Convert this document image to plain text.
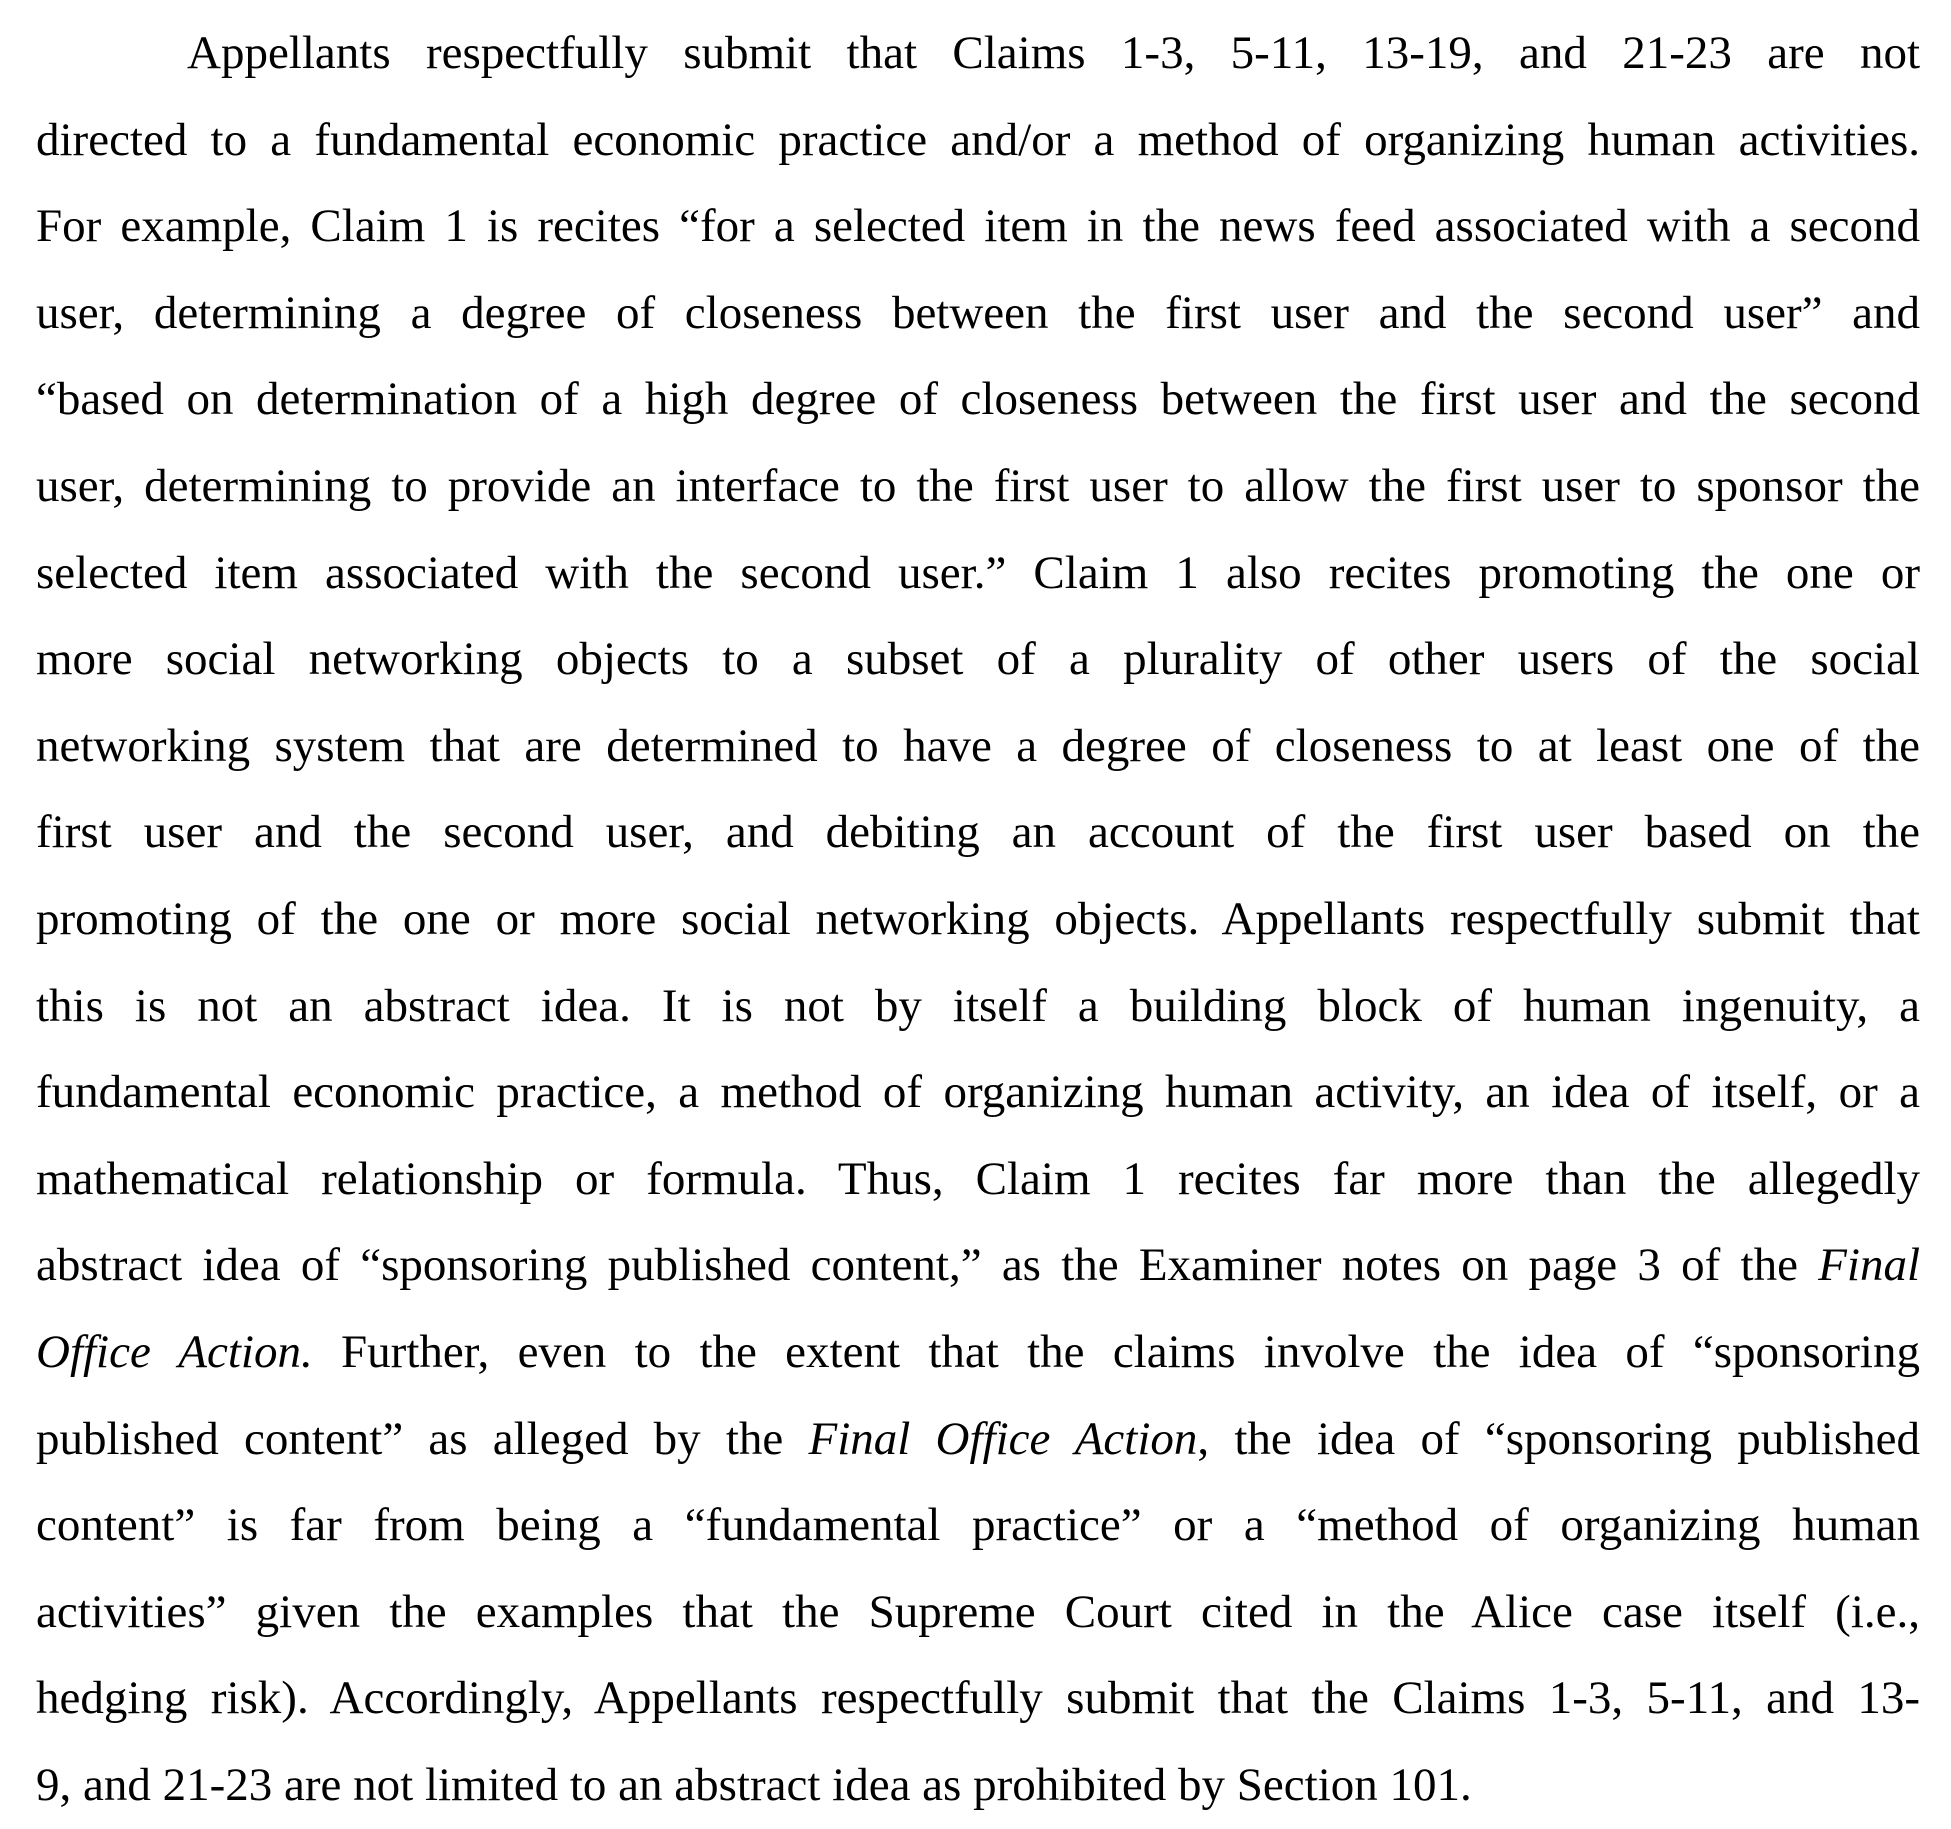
Appellants respectfully submit that Claims 1-3, 5-11, 13-19, and 21-23 are not
directed to a fundamental economic practice and/or a method of organizing human activities.
For example, Claim 1 is recites “for a selected item in the news feed associated with a second
user, determining a degree of closeness between the first user and the second user” and
“based on determination of a high degree of closeness between the first user and the second
user, determining to provide an interface to the first user to allow the first user to sponsor the
selected item associated with the second user.” Claim 1 also recites promoting the one or
more social networking objects to a subset of a plurality of other users of the social
networking system that are determined to have a degree of closeness to at least one of the
first user and the second user, and debiting an account of the first user based on the
promoting of the one or more social networking objects. Appellants respectfully submit that
this is not an abstract idea. It is not by itself a building block of human ingenuity, a
fundamental economic practice, a method of organizing human activity, an idea of itself, or a
mathematical relationship or formula. Thus, Claim 1 recites far more than the allegedly
abstract idea of “sponsoring published content,” as the Examiner notes on page 3 of the Final
Office Action. Further, even to the extent that the claims involve the idea of “sponsoring
published content” as alleged by the Final Office Action, the idea of “sponsoring published
content” is far from being a “fundamental practice” or a “method of organizing human
activities” given the examples that the Supreme Court cited in the Alice case itself (i.e.,
hedging risk). Accordingly, Appellants respectfully submit that the Claims 1-3, 5-11, and 13-
9, and 21-23 are not limited to an abstract idea as prohibited by Section 101.
